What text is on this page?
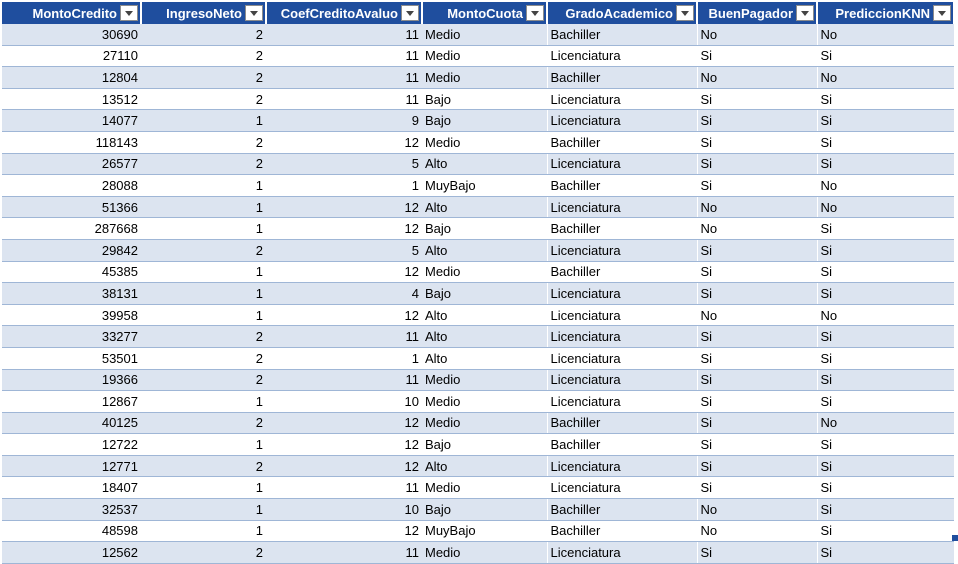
MontoCredito	IngresoNeto	CoefCreditoAvaluo	MontoCuota	GradoAcademico	BuenPagador	PrediccionKNN
30690	2	11	Medio	Bachiller	No	No
27110	2	11	Medio	Licenciatura	Si	Si
12804	2	11	Medio	Bachiller	No	No
13512	2	11	Bajo	Licenciatura	Si	Si
14077	1	9	Bajo	Licenciatura	Si	Si
118143	2	12	Medio	Bachiller	Si	Si
26577	2	5	Alto	Licenciatura	Si	Si
28088	1	1	MuyBajo	Bachiller	Si	No
51366	1	12	Alto	Licenciatura	No	No
287668	1	12	Bajo	Bachiller	No	Si
29842	2	5	Alto	Licenciatura	Si	Si
45385	1	12	Medio	Bachiller	Si	Si
38131	1	4	Bajo	Licenciatura	Si	Si
39958	1	12	Alto	Licenciatura	No	No
33277	2	11	Alto	Licenciatura	Si	Si
53501	2	1	Alto	Licenciatura	Si	Si
19366	2	11	Medio	Licenciatura	Si	Si
12867	1	10	Medio	Licenciatura	Si	Si
40125	2	12	Medio	Bachiller	Si	No
12722	1	12	Bajo	Bachiller	Si	Si
12771	2	12	Alto	Licenciatura	Si	Si
18407	1	11	Medio	Licenciatura	Si	Si
32537	1	10	Bajo	Bachiller	No	Si
48598	1	12	MuyBajo	Bachiller	No	Si
12562	2	11	Medio	Licenciatura	Si	Si
